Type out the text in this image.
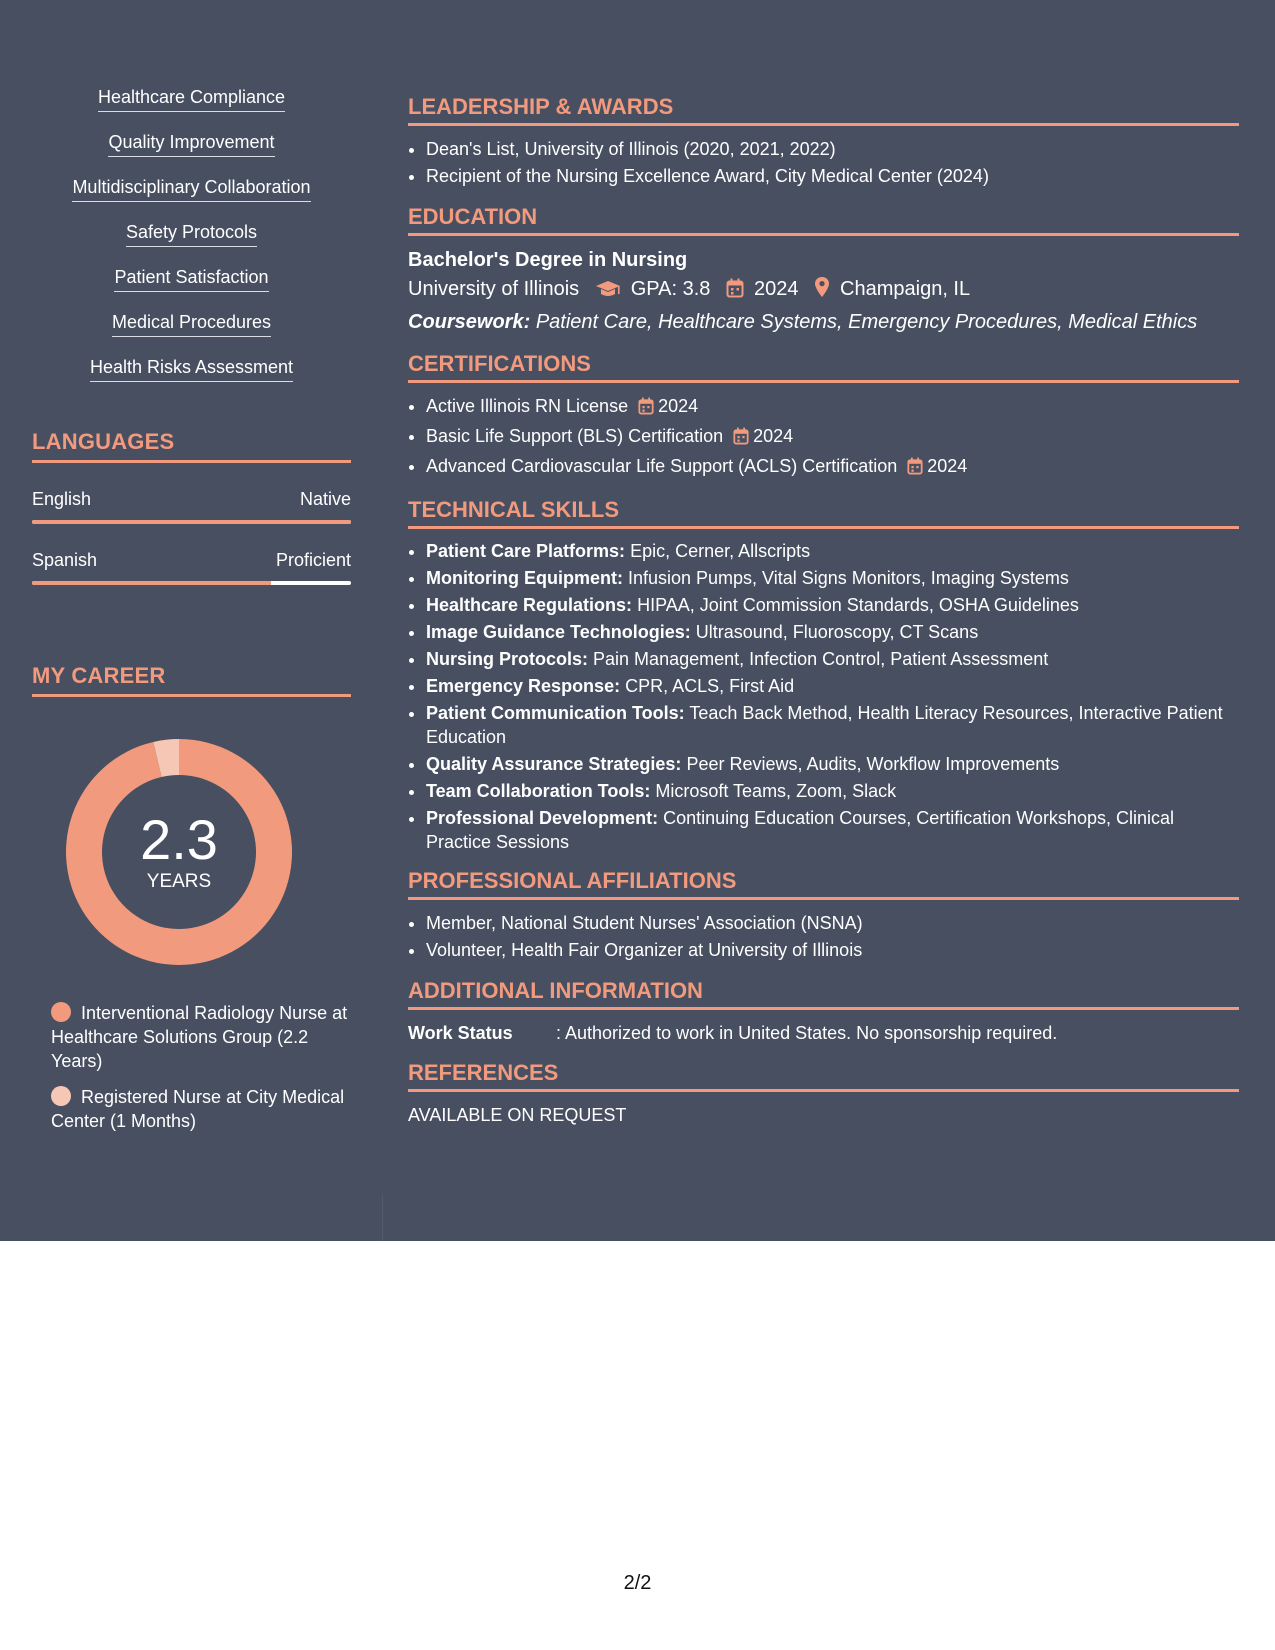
Healthcare Compliance
Quality Improvement
Multidisciplinary Collaboration
Safety Protocols
Patient Satisfaction
Medical Procedures
Health Risks Assessment
LANGUAGES
English	Native
Spanish	Proficient
MY CAREER
2.3
YEARS
Interventional Radiology Nurse at Healthcare Solutions Group (2.2 Years)
Registered Nurse at City Medical Center (1 Months)
LEADERSHIP & AWARDS
• Dean's List, University of Illinois (2020, 2021, 2022)
• Recipient of the Nursing Excellence Award, City Medical Center (2024)
EDUCATION
Bachelor's Degree in Nursing
University of Illinois	GPA: 3.8 2024 Champaign, IL
Coursework: Patient Care, Healthcare Systems, Emergency Procedures, Medical Ethics
CERTIFICATIONS
• Active Illinois RN License 2024
• Basic Life Support (BLS) Certification 2024
• Advanced Cardiovascular Life Support (ACLS) Certification 2024
TECHNICAL SKILLS
• Patient Care Platforms: Epic, Cerner, Allscripts
• Monitoring Equipment: Infusion Pumps, Vital Signs Monitors, Imaging Systems
• Healthcare Regulations: HIPAA, Joint Commission Standards, OSHA Guidelines
• Image Guidance Technologies: Ultrasound, Fluoroscopy, CT Scans
• Nursing Protocols: Pain Management, Infection Control, Patient Assessment
• Emergency Response: CPR, ACLS, First Aid
• Patient Communication Tools: Teach Back Method, Health Literacy Resources, Interactive Patient Education
• Quality Assurance Strategies: Peer Reviews, Audits, Workflow Improvements
• Team Collaboration Tools: Microsoft Teams, Zoom, Slack
• Professional Development: Continuing Education Courses, Certification Workshops, Clinical Practice Sessions
PROFESSIONAL AFFILIATIONS
• Member, National Student Nurses' Association (NSNA)
• Volunteer, Health Fair Organizer at University of Illinois
ADDITIONAL INFORMATION
Work Status : Authorized to work in United States. No sponsorship required.
REFERENCES
AVAILABLE ON REQUEST
2/2
